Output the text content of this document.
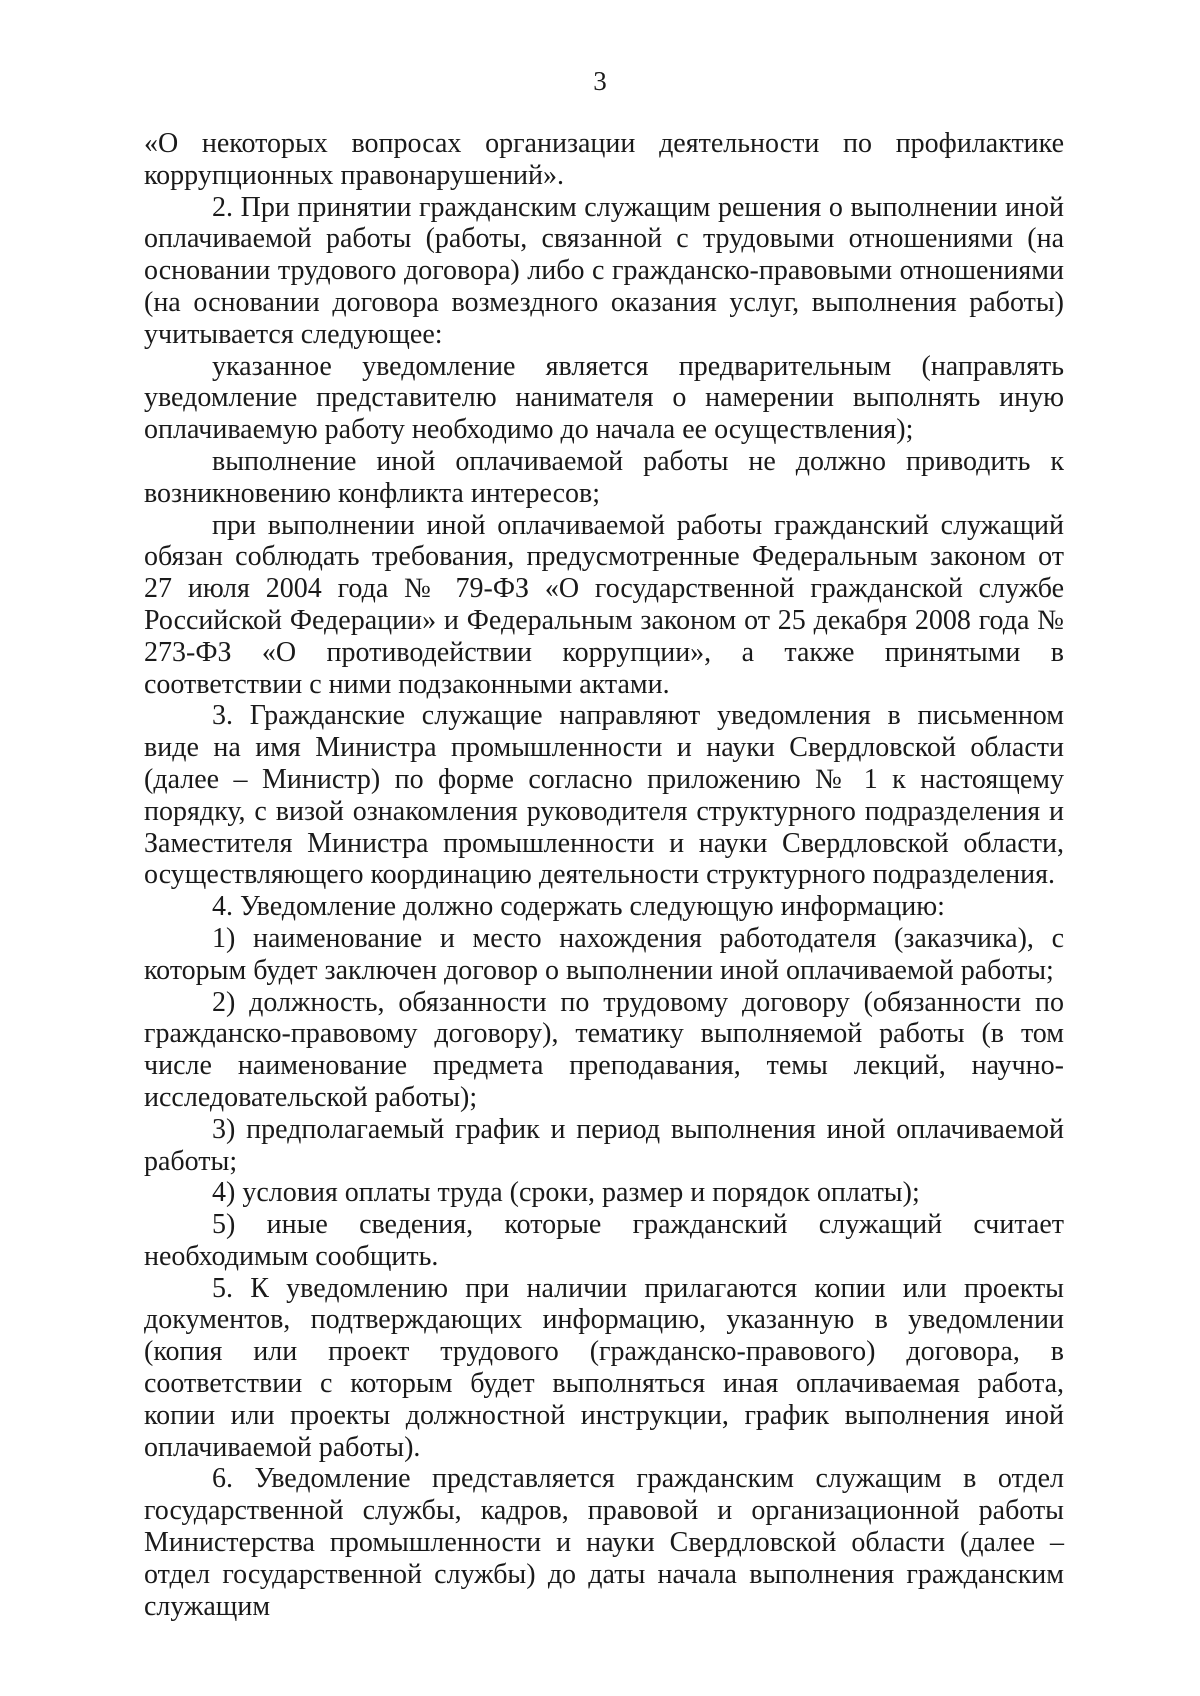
3

«О некоторых вопросах организации деятельности по профилактике коррупционных правонарушений».

2. При принятии гражданским служащим решения о выполнении иной оплачиваемой работы (работы, связанной с трудовыми отношениями (на основании трудового договора) либо с гражданско-правовыми отношениями (на основании договора возмездного оказания услуг, выполнения работы) учитывается следующее:

указанное уведомление является предварительным (направлять уведомление представителю нанимателя о намерении выполнять иную оплачиваемую работу необходимо до начала ее осуществления);

выполнение иной оплачиваемой работы не должно приводить к возникновению конфликта интересов;

при выполнении иной оплачиваемой работы гражданский служащий обязан соблюдать требования, предусмотренные Федеральным законом от 27 июля 2004 года № 79-ФЗ «О государственной гражданской службе Российской Федерации» и Федеральным законом от 25 декабря 2008 года № 273-ФЗ «О противодействии коррупции», а также принятыми в соответствии с ними подзаконными актами.

3. Гражданские служащие направляют уведомления в письменном виде на имя Министра промышленности и науки Свердловской области (далее – Министр) по форме согласно приложению № 1 к настоящему порядку, с визой ознакомления руководителя структурного подразделения и Заместителя Министра промышленности и науки Свердловской области, осуществляющего координацию деятельности структурного подразделения.

4. Уведомление должно содержать следующую информацию:

1) наименование и место нахождения работодателя (заказчика), с которым будет заключен договор о выполнении иной оплачиваемой работы;

2) должность, обязанности по трудовому договору (обязанности по гражданско-правовому договору), тематику выполняемой работы (в том числе наименование предмета преподавания, темы лекций, научно-исследовательской работы);

3) предполагаемый график и период выполнения иной оплачиваемой работы;

4) условия оплаты труда (сроки, размер и порядок оплаты);

5) иные сведения, которые гражданский служащий считает необходимым сообщить.

5. К уведомлению при наличии прилагаются копии или проекты документов, подтверждающих информацию, указанную в уведомлении (копия или проект трудового (гражданско-правового) договора, в соответствии с которым будет выполняться иная оплачиваемая работа, копии или проекты должностной инструкции, график выполнения иной оплачиваемой работы).

6. Уведомление представляется гражданским служащим в отдел государственной службы, кадров, правовой и организационной работы Министерства промышленности и науки Свердловской области (далее – отдел государственной службы) до даты начала выполнения гражданским служащим
